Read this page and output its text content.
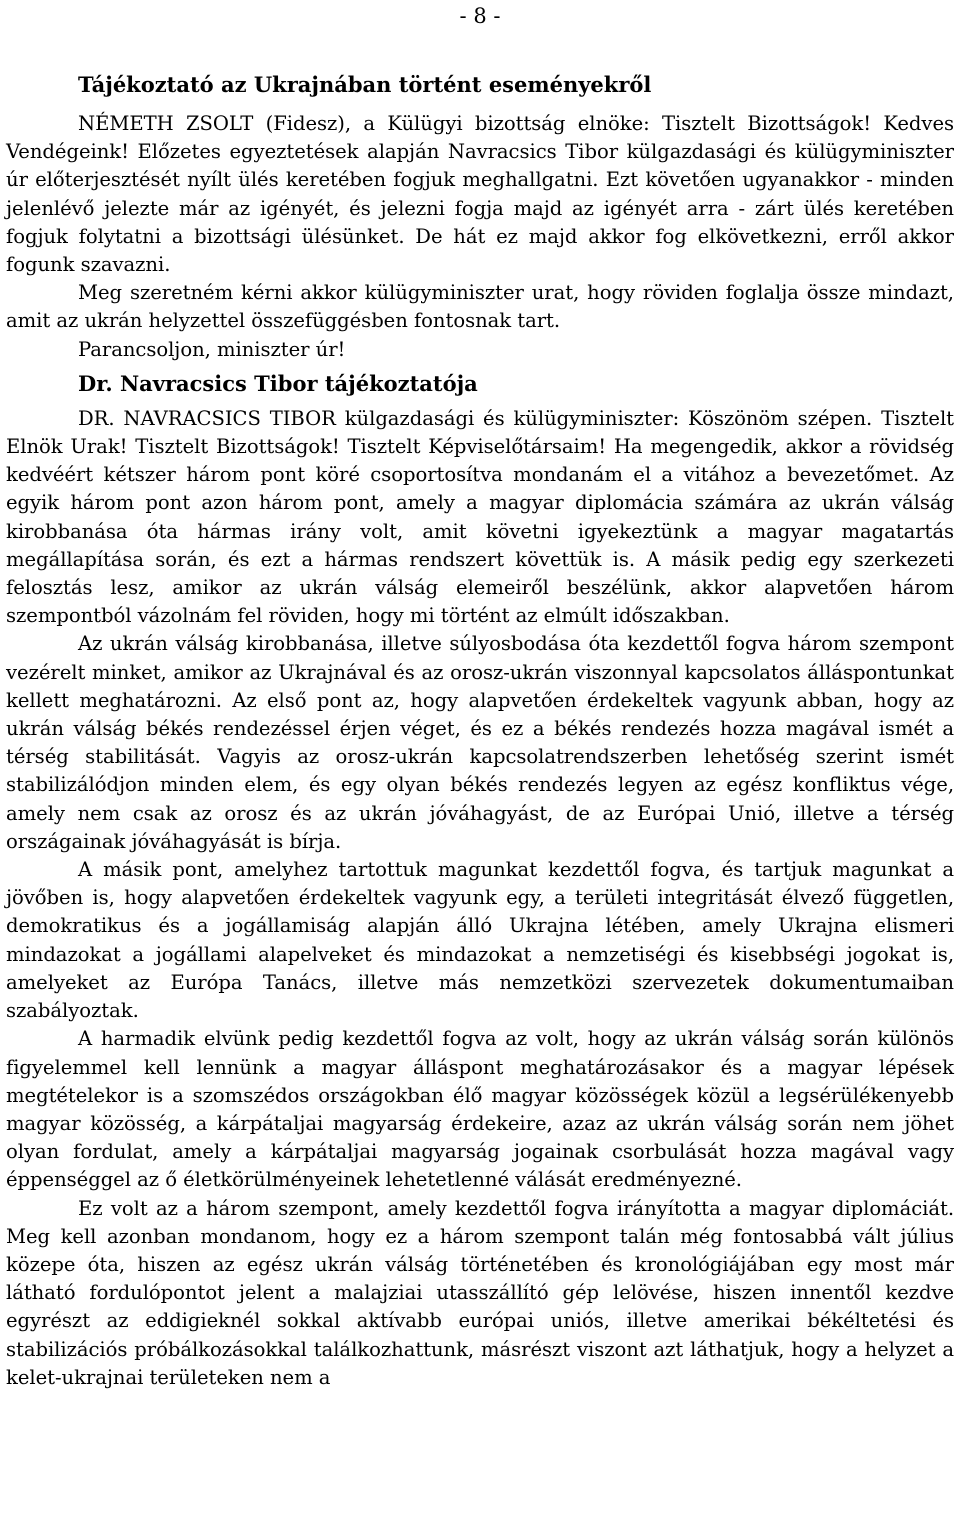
- 8 -
Tájékoztató az Ukrajnában történt eseményekről

NÉMETH ZSOLT (Fidesz), a Külügyi bizottság elnöke: Tisztelt Bizottságok! Kedves Vendégeink! Előzetes egyeztetések alapján Navracsics Tibor külgazdasági és külügyminiszter úr előterjesztését nyílt ülés keretében fogjuk meghallgatni. Ezt követően ugyanakkor - minden jelenlévő jelezte már az igényét, és jelezni fogja majd az igényét arra - zárt ülés keretében fogjuk folytatni a bizottsági ülésünket. De hát ez majd akkor fog elkövetkezni, erről akkor fogunk szavazni.

Meg szeretném kérni akkor külügyminiszter urat, hogy röviden foglalja össze mindazt, amit az ukrán helyzettel összefüggésben fontosnak tart.

Parancsoljon, miniszter úr!

Dr. Navracsics Tibor tájékoztatója

DR. NAVRACSICS TIBOR külgazdasági és külügyminiszter: Köszönöm szépen. Tisztelt Elnök Urak! Tisztelt Bizottságok! Tisztelt Képviselőtársaim! Ha megengedik, akkor a rövidség kedvéért kétszer három pont köré csoportosítva mondanám el a vitához a bevezetőmet. Az egyik három pont azon három pont, amely a magyar diplomácia számára az ukrán válság kirobbanása óta hármas irány volt, amit követni igyekeztünk a magyar magatartás megállapítása során, és ezt a hármas rendszert követtük is. A másik pedig egy szerkezeti felosztás lesz, amikor az ukrán válság elemeiről beszélünk, akkor alapvetően három szempontból vázolnám fel röviden, hogy mi történt az elmúlt időszakban.

Az ukrán válság kirobbanása, illetve súlyosbodása óta kezdettől fogva három szempont vezérelt minket, amikor az Ukrajnával és az orosz-ukrán viszonnyal kapcsolatos álláspontunkat kellett meghatározni. Az első pont az, hogy alapvetően érdekeltek vagyunk abban, hogy az ukrán válság békés rendezéssel érjen véget, és ez a békés rendezés hozza magával ismét a térség stabilitását. Vagyis az orosz-ukrán kapcsolatrendszerben lehetőség szerint ismét stabilizálódjon minden elem, és egy olyan békés rendezés legyen az egész konfliktus vége, amely nem csak az orosz és az ukrán jóváhagyást, de az Európai Unió, illetve a térség országainak jóváhagyását is bírja.

A másik pont, amelyhez tartottuk magunkat kezdettől fogva, és tartjuk magunkat a jövőben is, hogy alapvetően érdekeltek vagyunk egy, a területi integritását élvező független, demokratikus és a jogállamiság alapján álló Ukrajna létében, amely Ukrajna elismeri mindazokat a jogállami alapelveket és mindazokat a nemzetiségi és kisebbségi jogokat is, amelyeket az Európa Tanács, illetve más nemzetközi szervezetek dokumentumaiban szabályoztak.

A harmadik elvünk pedig kezdettől fogva az volt, hogy az ukrán válság során különös figyelemmel kell lennünk a magyar álláspont meghatározásakor és a magyar lépések megtételekor is a szomszédos országokban élő magyar közösségek közül a legsérülékenyebb magyar közösség, a kárpátaljai magyarság érdekeire, azaz az ukrán válság során nem jöhet olyan fordulat, amely a kárpátaljai magyarság jogainak csorbulását hozza magával vagy éppenséggel az ő életkörülményeinek lehetetlenné válását eredményezné.

Ez volt az a három szempont, amely kezdettől fogva irányította a magyar diplomáciát. Meg kell azonban mondanom, hogy ez a három szempont talán még fontosabbá vált július közepe óta, hiszen az egész ukrán válság történetében és kronológiájában egy most már látható fordulópontot jelent a malajziai utasszállító gép lelövése, hiszen innentől kezdve egyrészt az eddigieknél sokkal aktívabb európai uniós, illetve amerikai békéltetési és stabilizációs próbálkozásokkal találkozhattunk, másrészt viszont azt láthatjuk, hogy a helyzet a kelet-ukrajnai területeken nem a
